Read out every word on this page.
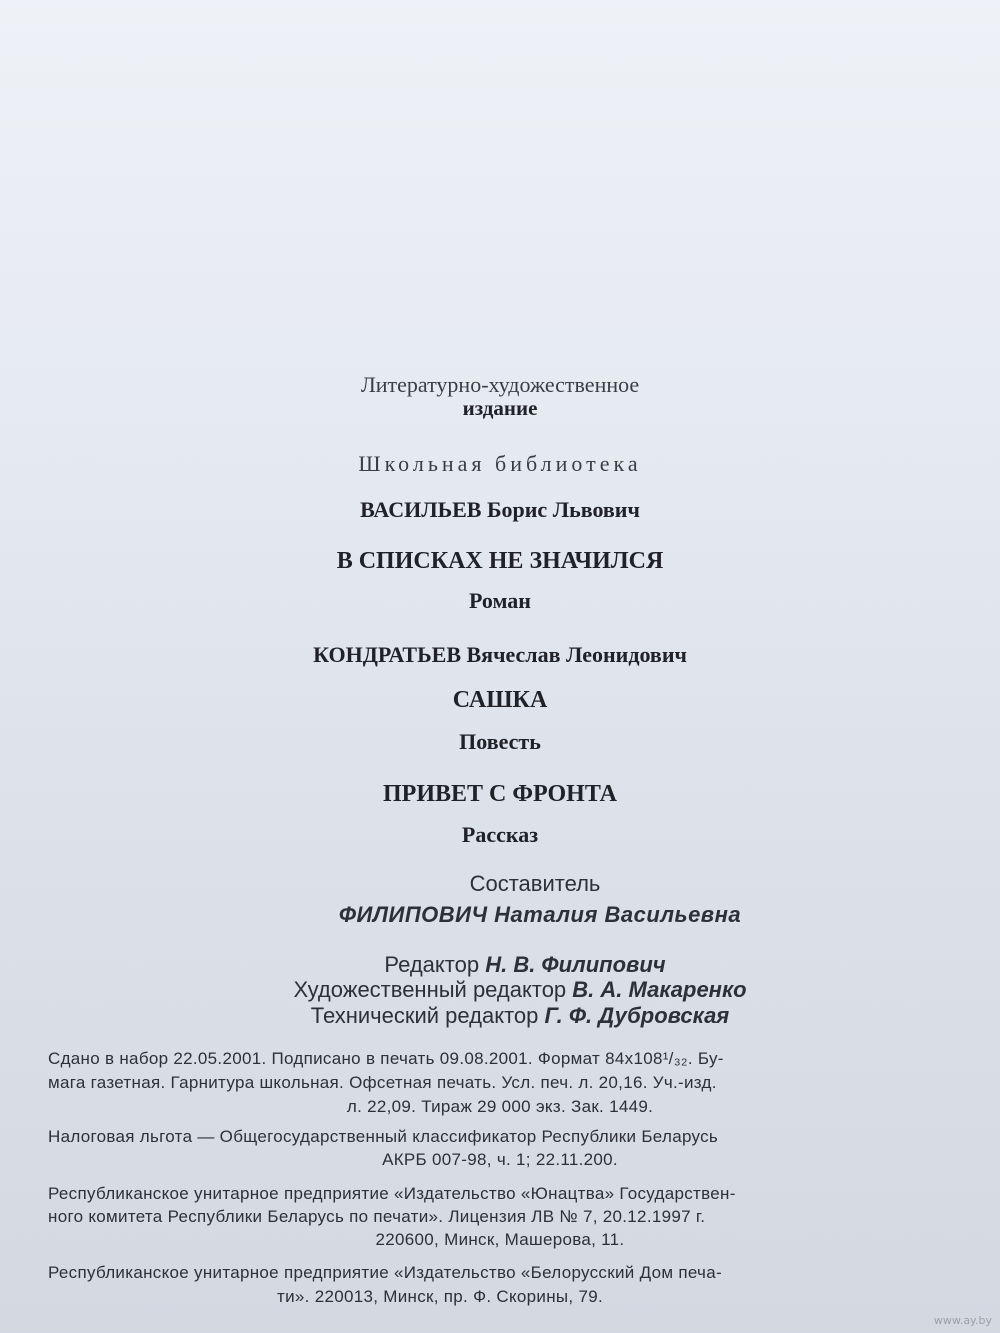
Литературно-художественное
издание
Школьная библиотека
ВАСИЛЬЕВ Борис Львович
В СПИСКАХ НЕ ЗНАЧИЛСЯ
Роман
КОНДРАТЬЕВ Вячеслав Леонидович
САШКА
Повесть
ПРИВЕТ С ФРОНТА
Рассказ
Составитель
ФИЛИПОВИЧ Наталия Васильевна
Редактор Н. В. Филипович
Художественный редактор В. А. Макаренко
Технический редактор Г. Ф. Дубровская
Сдано в набор 22.05.2001. Подписано в печать 09.08.2001. Формат 84x108¹/₃₂. Бу-
мага газетная. Гарнитура школьная. Офсетная печать. Усл. печ. л. 20,16. Уч.-изд.
л. 22,09. Тираж 29 000 экз. Зак. 1449.
Налоговая льгота — Общегосударственный классификатор Республики Беларусь
АКРБ 007-98, ч. 1; 22.11.200.
Республиканское унитарное предприятие «Издательство «Юнацтва» Государствен-
ного комитета Республики Беларусь по печати». Лицензия ЛВ № 7, 20.12.1997 г.
220600, Минск, Машерова, 11.
Республиканское унитарное предприятие «Издательство «Белорусский Дом печа-
ти». 220013, Минск, пр. Ф. Скорины, 79.
www.ay.by
